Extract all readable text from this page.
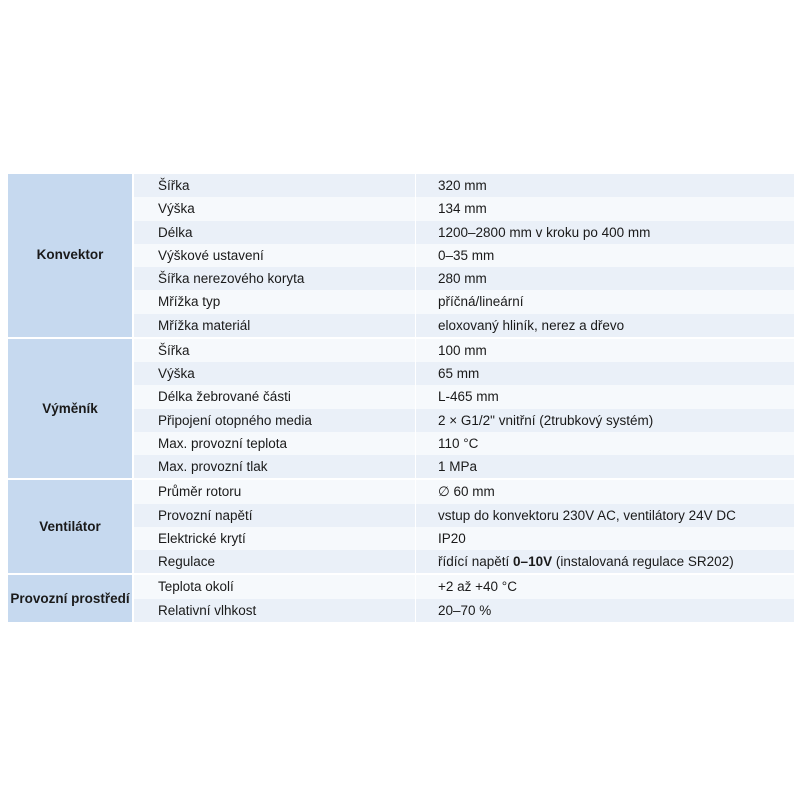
Konvektor	Šířka	320 mm
	Výška	134 mm
	Délka	1200–2800 mm v kroku po 400 mm
	Výškové ustavení	0–35 mm
	Šířka nerezového koryta	280 mm
	Mřížka typ	příčná/lineární
	Mřížka materiál	eloxovaný hliník, nerez a dřevo
Výměník	Šířka	100 mm
	Výška	65 mm
	Délka žebrované části	L-465 mm
	Připojení otopného media	2 × G1/2" vnitřní (2trubkový systém)
	Max. provozní teplota	110 °C
	Max. provozní tlak	1 MPa
Ventilátor	Průměr rotoru	∅ 60 mm
	Provozní napětí	vstup do konvektoru 230V AC, ventilátory 24V DC
	Elektrické krytí	IP20
	Regulace	řídící napětí 0–10V (instalovaná regulace SR202)
Provozní prostředí	Teplota okolí	+2 až +40 °C
	Relativní vlhkost	20–70 %
